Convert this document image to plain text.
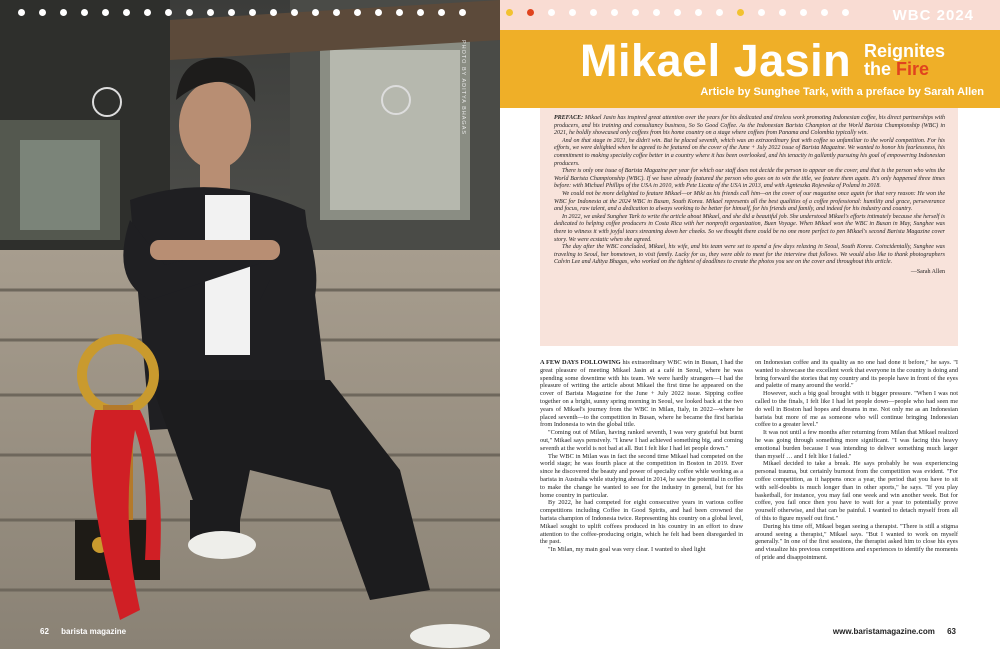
PHOTO BY ADITYA BHAGAS
62 barista magazine
WBC 2024
Mikael Jasin Reignites
the Fire
Article by Sunghee Tark, with a preface by Sarah Allen

PREFACE: Mikael Jasin has inspired great attention over the years for his dedicated and tireless work promoting Indonesian coffee, his direct partnerships with producers, and his training and consultancy business, So So Good Coffee. As the Indonesian Barista Champion at the World Barista Championship (WBC) in 2021, he boldly showcased only coffees from his home country on a stage where coffees from Panama and Colombia typically win.

And on that stage in 2021, he didn't win. But he placed seventh, which was an extraordinary feat with coffee so unfamiliar to the world competition. For his efforts, we were delighted when he agreed to be featured on the cover of the June + July 2022 issue of Barista Magazine. We wanted to honor his fearlessness, his commitment to making specialty coffee better in a country where it has been overlooked, and his tenacity in gallantly pursuing his goal of empowering Indonesian producers.

There is only one issue of Barista Magazine per year for which our staff does not decide the person to appear on the cover, and that is the person who wins the World Barista Championship (WBC). If we have already featured the person who goes on to win the title, we feature them again. It's only happened three times before: with Michael Phillips of the USA in 2010, with Pete Licata of the USA in 2013, and with Agnieszka Rojewska of Poland in 2018.

We could not be more delighted to feature Mikael—or Miki as his friends call him—on the cover of our magazine once again for that very reason: He won the WBC for Indonesia at the 2024 WBC in Busan, South Korea. Mikael represents all the best qualities of a coffee professional: humility and grace, perseverance and focus, raw talent, and a dedication to always working to be better for himself, for his friends and family, and indeed for his industry and country.

In 2022, we asked Sunghee Tark to write the article about Mikael, and she did a beautiful job. She understood Mikael's efforts intimately because she herself is dedicated to helping coffee producers in Costa Rica with her nonprofit organization, Buen Voyage. When Mikael won the WBC in Busan in May, Sunghee was there to witness it with joyful tears streaming down her cheeks. So we thought there could be no one more perfect to pen Mikael's second Barista Magazine cover story. We were ecstatic when she agreed.

The day after the WBC concluded, Mikael, his wife, and his team were set to spend a few days relaxing in Seoul, South Korea. Coincidentally, Sunghee was traveling to Seoul, her hometown, to visit family. Lucky for us, they were able to meet for the interview that follows. We would also like to thank photographers Calvin Lee and Aditya Bhagas, who worked on the tightest of deadlines to create the photos you see on the cover and throughout this article.

—Sarah Allen

A FEW DAYS FOLLOWING his extraordinary WBC win in Busan, I had the great pleasure of meeting Mikael Jasin at a café in Seoul, where he was spending some downtime with his team. We were hardly strangers—I had the pleasure of writing the article about Mikael the first time he appeared on the cover of Barista Magazine for the June + July 2022 issue. Sipping coffee together on a bright, sunny spring morning in Seoul, we looked back at the two years of Mikael's journey from the WBC in Milan, Italy, in 2022—where he placed seventh—to the competition in Busan, where he became the first barista from Indonesia to win the global title.

"Coming out of Milan, having ranked seventh, I was very grateful but burnt out," Mikael says pensively. "I knew I had achieved something big, and coming seventh at the world is not bad at all. But I felt like I had let people down."

The WBC in Milan was in fact the second time Mikael had competed on the world stage; he was fourth place at the competition in Boston in 2019. Ever since he discovered the beauty and power of specialty coffee while working as a barista in Australia while studying abroad in 2014, he saw the potential in coffee to make the change he wanted to see for the industry in general, but for his home country in particular.

By 2022, he had competed for eight consecutive years in various coffee competitions including Coffee in Good Spirits, and had been crowned the barista champion of Indonesia twice. Representing his country on a global level, Mikael sought to uplift coffees produced in his country in an effort to draw attention to the coffee-producing origin, which he felt had been disregarded in the past.

"In Milan, my main goal was very clear. I wanted to shed light

on Indonesian coffee and its quality as no one had done it before," he says. "I wanted to showcase the excellent work that everyone in the country is doing and bring forward the stories that my country and its people have in front of the eyes and palette of many around the world."

However, such a big goal brought with it bigger pressure. "When I was not called to the finals, I felt like I had let people down—people who had seen me do well in Boston had hopes and dreams in me. Not only me as an Indonesian barista but more of me as someone who will continue bringing Indonesian coffee to a greater level."

It was not until a few months after returning from Milan that Mikael realized he was going through something more significant. "I was facing this heavy emotional burden because I was intending to deliver something much larger than myself … and I felt like I failed."

Mikael decided to take a break. He says probably he was experiencing personal trauma, but certainly burnout from the competition was evident. "For coffee competition, as it happens once a year, the period that you have to sit with self-doubts is much longer than in other sports," he says. "If you play basketball, for instance, you may fail one week and win another week. But for coffee, you fail once then you have to wait for a year to potentially prove yourself otherwise, and that can be painful. I wanted to detach myself from all of this to figure myself out first."

During his time off, Mikael began seeing a therapist. "There is still a stigma around seeing a therapist," Mikael says. "But I wanted to work on myself generally." In one of the first sessions, the therapist asked him to close his eyes and visualize his previous competitions and experiences to identify the moments of pride and disappointment.

www.baristamagazine.com 63
